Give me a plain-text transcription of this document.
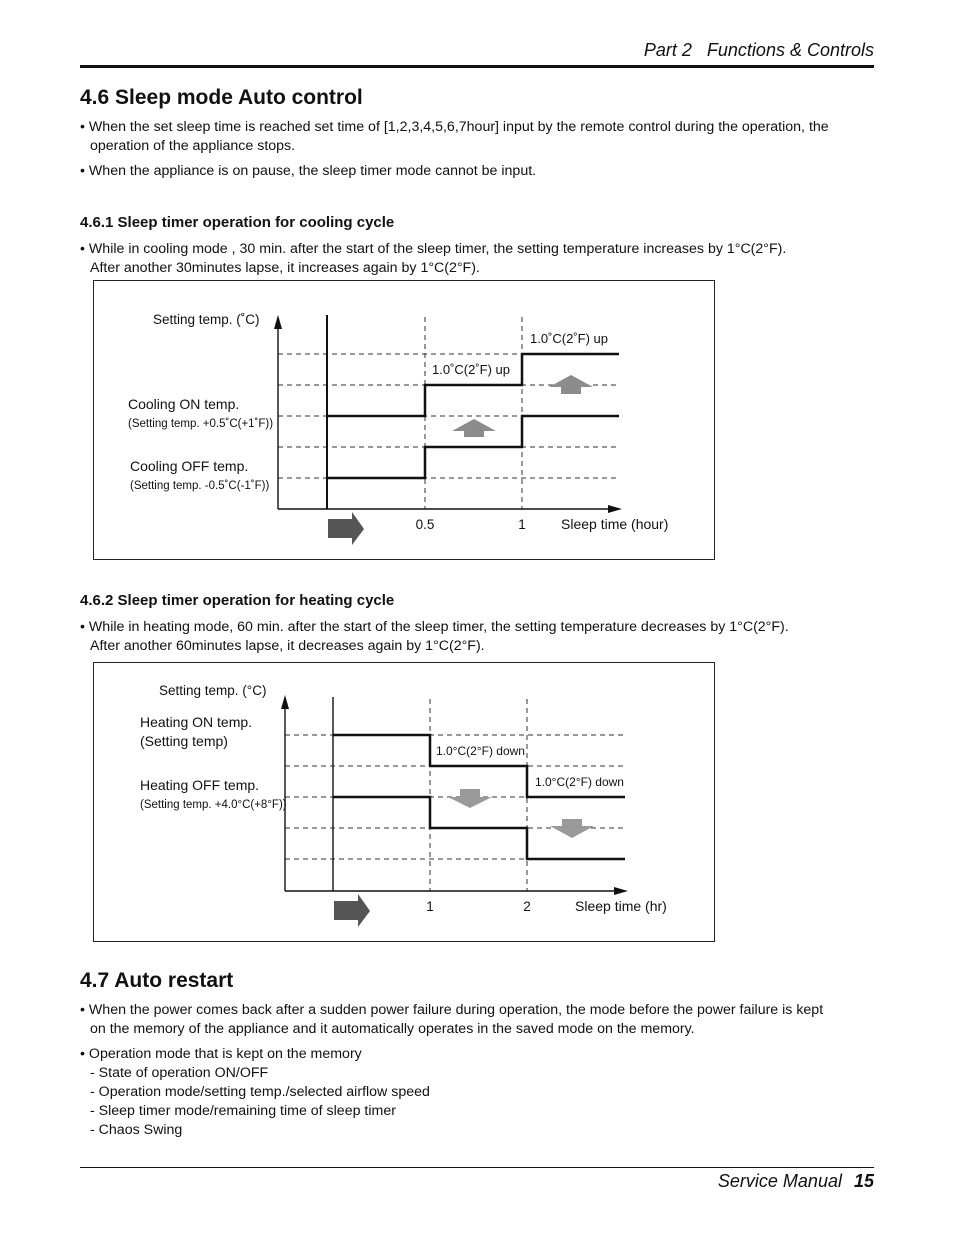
Part 2   Functions & Controls
4.6 Sleep mode Auto control
• When the set sleep time is reached set time of [1,2,3,4,5,6,7hour] input by the remote control during the operation, the
operation of the appliance stops.
• When the appliance is on pause, the sleep timer mode cannot be input.
4.6.1 Sleep timer operation for cooling cycle
• While in cooling mode , 30 min. after the start of the sleep timer, the setting temperature increases by 1°C(2°F).
After another 30minutes lapse, it increases again by 1°C(2°F).
Setting temp. (˚C)
Cooling ON temp.
(Setting temp. +0.5˚C(+1˚F))
Cooling OFF temp.
(Setting temp. -0.5˚C(-1˚F))
1.0˚C(2˚F) up
1.0˚C(2˚F) up
0.5	1	Sleep time (hour)
4.6.2 Sleep timer operation for heating cycle
• While in heating mode, 60 min. after the start of the sleep timer, the setting temperature decreases by 1°C(2°F).
After another 60minutes lapse, it decreases again by 1°C(2°F).
Setting temp. (°C)
Heating ON temp.
(Setting temp)
Heating OFF temp.
(Setting temp. +4.0°C(+8°F))
1.0°C(2°F) down
1.0°C(2°F) down
1	2	Sleep time (hr)
4.7 Auto restart
• When the power comes back after a sudden power failure during operation, the mode before the power failure is kept
on the memory of the appliance and it automatically operates in the saved mode on the memory.
• Operation mode that is kept on the memory
- State of operation ON/OFF
- Operation mode/setting temp./selected airflow speed
- Sleep timer mode/remaining time of sleep timer
- Chaos Swing
Service Manual 15
